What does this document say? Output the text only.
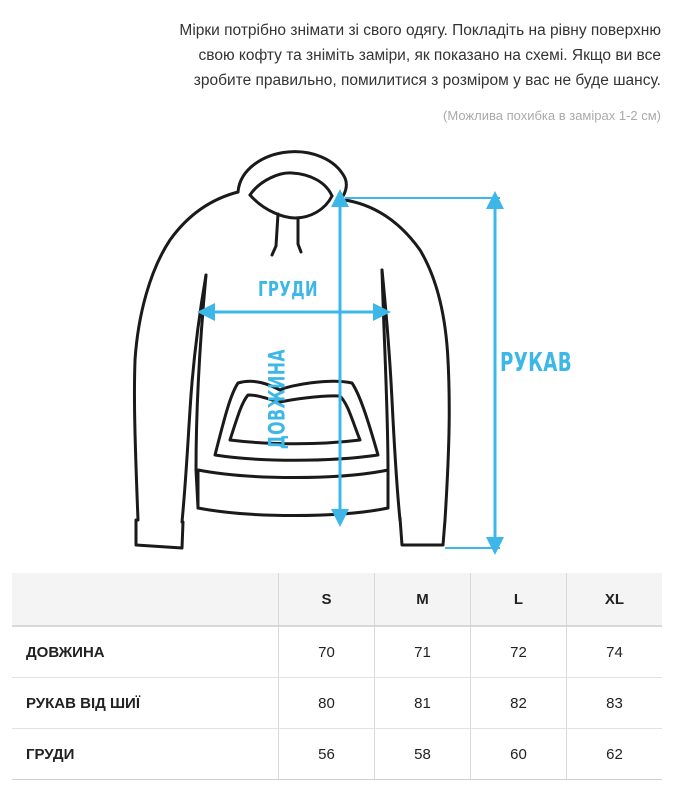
Мірки потрібно знімати зі свого одягу. Покладіть на рівну поверхню
свою кофту та зніміть заміри, як показано на схемі. Якщо ви все
зробите правильно, помилитися з розміром у вас не буде шансу.
(Можлива похибка в замірах 1-2 см)
ГРУДИ
РУКАВ
ДОВЖИНА
	S	M	L	XL
ДОВЖИНА	70	71	72	74
РУКАВ ВІД ШИЇ	80	81	82	83
ГРУДИ	56	58	60	62
